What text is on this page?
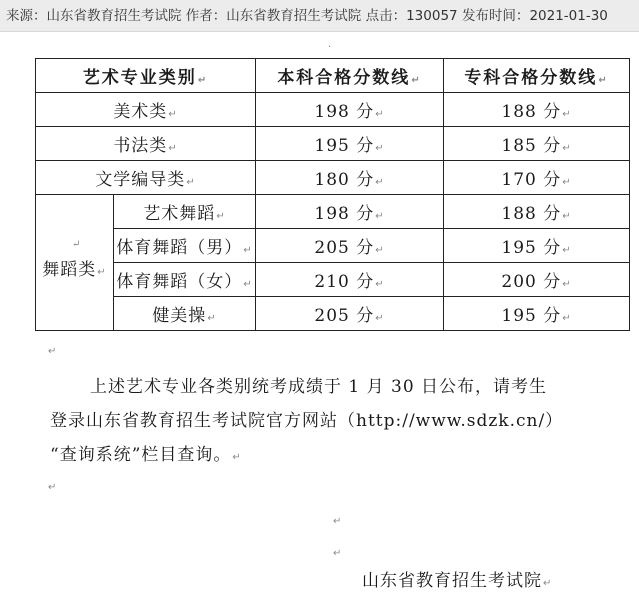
来源：山东省教育招生考试院 作者：山东省教育招生考试院 点击：130057 发布时间：2021-01-30
·
艺术专业类别↵		本科合格分数线↵	专科合格分数线↵
美术类↵		198 分↵	188 分↵
书法类↵		195 分↵	185 分↵
文学编导类↵		180 分↵	170 分↵

↵
舞蹈类↵	艺术舞蹈↵	198 分↵	188 分↵
	体育舞蹈（男）↵	205 分↵	195 分↵
	体育舞蹈（女）↵	210 分↵	200 分↵
	健美操↵	205 分↵	195 分↵
↵

上述艺术专业各类别统考成绩于 1 月 30 日公布，请考生

登录山东省教育招生考试院官方网站（http://www.sdzk.cn/）

“查询系统”栏目查询。↵

↵
↵
↵
山东省教育招生考试院↵
